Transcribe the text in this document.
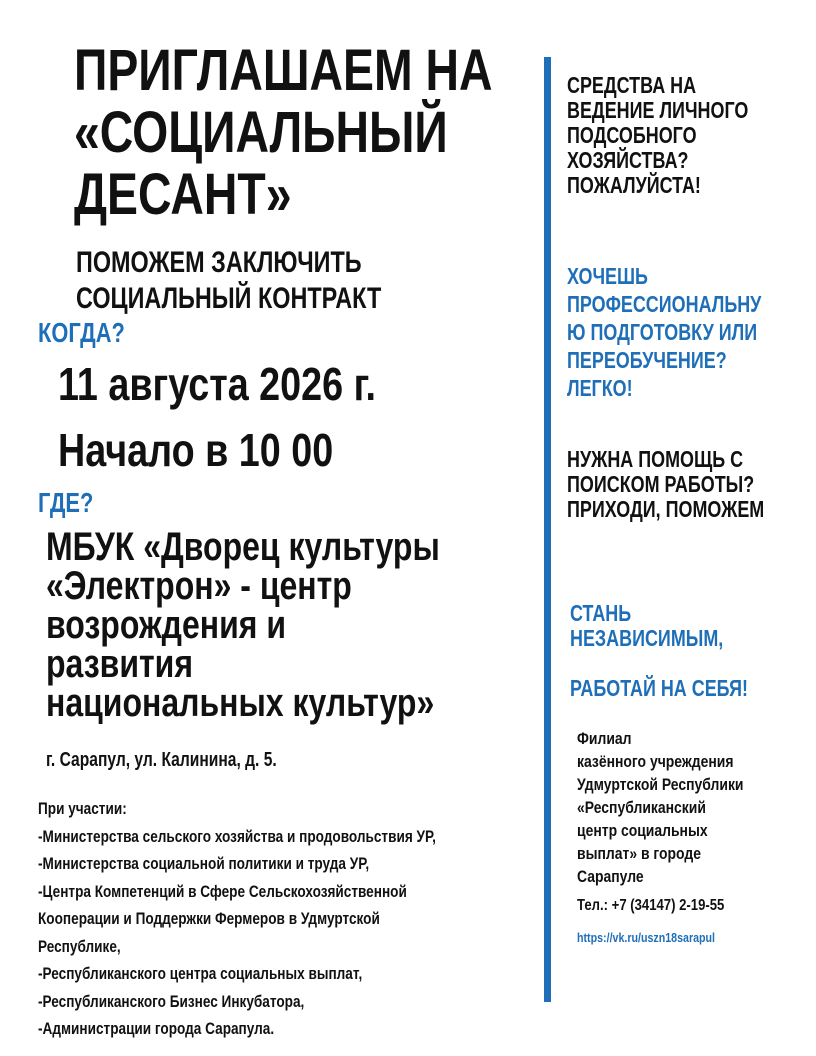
ПРИГЛАШАЕМ НА
«СОЦИАЛЬНЫЙ
ДЕСАНТ»
ПОМОЖЕМ ЗАКЛЮЧИТЬ
СОЦИАЛЬНЫЙ КОНТРАКТ
КОГДА?
11 августа 2026 г.
Начало в 10 00
ГДЕ?
МБУК «Дворец культуры
«Электрон» - центр
возрождения и
развития
национальных культур»
г. Сарапул, ул. Калинина, д. 5.

При участии:

-Министерства сельского хозяйства и продовольствия УР,

-Министерства социальной политики и труда УР,

-Центра Компетенций в Сфере Сельскохозяйственной

Кооперации и Поддержки Фермеров в Удмуртской

Республике,

-Республиканского центра социальных выплат,

-Республиканского Бизнес Инкубатора,

-Администрации города Сарапула.

СРЕДСТВА НА
ВЕДЕНИЕ ЛИЧНОГО
ПОДСОБНОГО
ХОЗЯЙСТВА?
ПОЖАЛУЙСТА!
ХОЧЕШЬ
ПРОФЕССИОНАЛЬНУ
Ю ПОДГОТОВКУ ИЛИ
ПЕРЕОБУЧЕНИЕ?
ЛЕГКО!
НУЖНА ПОМОЩЬ С
ПОИСКОМ РАБОТЫ?
ПРИХОДИ, ПОМОЖЕМ
СТАНЬ
НЕЗАВИСИМЫМ,

РАБОТАЙ НА СЕБЯ!
Филиал
казённого учреждения
Удмуртской Республики
«Республиканский
центр социальных
выплат» в городе
Сарапуле
Тел.: +7 (34147) 2-19-55
https://vk.ru/uszn18sarapul
